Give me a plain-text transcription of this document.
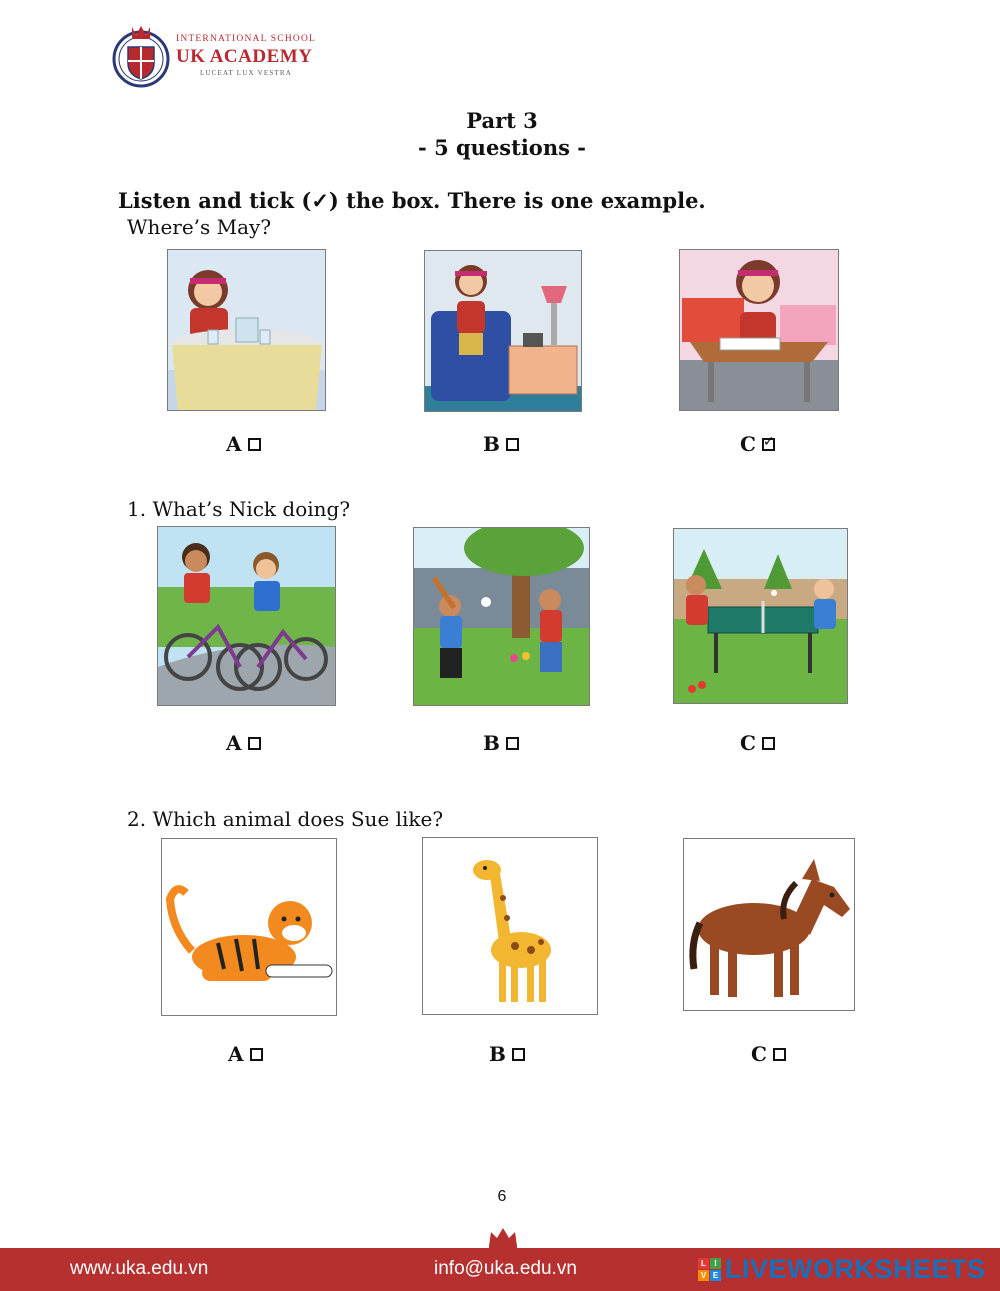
INTERNATIONAL SCHOOL
UK ACADEMY
LUCEAT LUX VESTRA
Part 3
- 5 questions -
Listen and tick (✓) the box. There is one example.
Where’s May?
A	B	C
✓
1. What’s Nick doing?
A	B	C
2. Which animal does Sue like?
A	B	C
6
www.uka.edu.vn	info@uka.edu.vn	L	I
V E LIVEWORKSHEETS
